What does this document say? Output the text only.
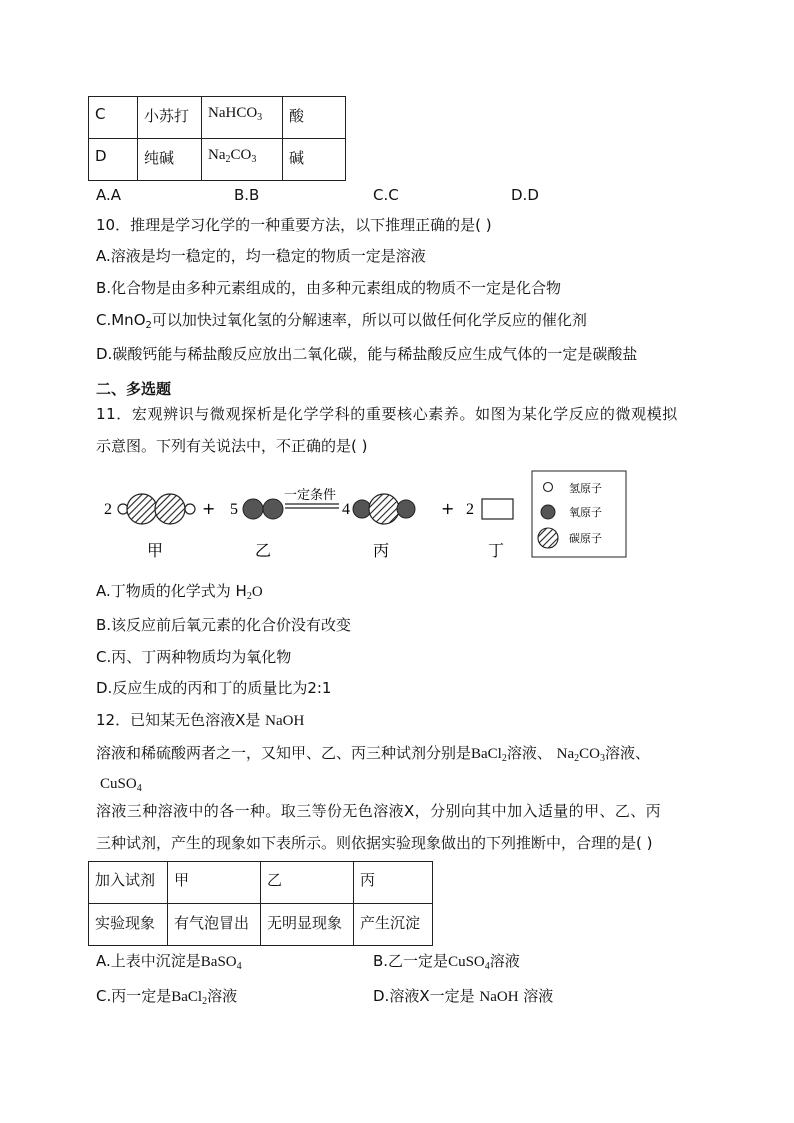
C	小苏打	NaHCO$_3$	酸
D	纯碱	$Na_2CO_3$	碱
A.A	B.B	C.C	D.D
10．推理是学习化学的一种重要方法，以下推理正确的是( )
A.溶液是均一稳定的，均一稳定的物质一定是溶液
B.化合物是由多种元素组成的，由多种元素组成的物质不一定是化合物
C.MnO$_2$可以加快过氧化氢的分解速率，所以可以做任何化学反应的催化剂
D.碳酸钙能与稀盐酸反应放出二氧化碳，能与稀盐酸反应生成气体的一定是碳酸盐
二、多选题
11．宏观辨识与微观探析是化学学科的重要核心素养。如图为某化学反应的微观模拟
示意图。下列有关说法中，不正确的是( )
2	+
甲
5
乙
一定条件
4
丙
+ 2
丁
氢原子
氧原子
碳原子
A.丁物质的化学式为 $H_2O$
B.该反应前后氧元素的化合价没有改变
C.丙、丁两种物质均为氧化物
D.反应生成的丙和丁的质量比为2:1
12．已知某无色溶液X是 NaOH
溶液和稀硫酸两者之一，又知甲、乙、丙三种试剂分别是BaCl$_2$溶液、 $Na_2CO_3$溶液、
CuSO$_4$
溶液三种溶液中的各一种。取三等份无色溶液X，分别向其中加入适量的甲、乙、丙
三种试剂，产生的现象如下表所示。则依据实验现象做出的下列推断中，合理的是( )
加入试剂	甲	乙	丙
实验现象	有气泡冒出	无明显现象	产生沉淀
A.上表中沉淀是BaSO$_4$	B.乙一定是CuSO$_4$溶液
C.丙一定是BaCl$_2$溶液	D.溶液X一定是 NaOH 溶液
